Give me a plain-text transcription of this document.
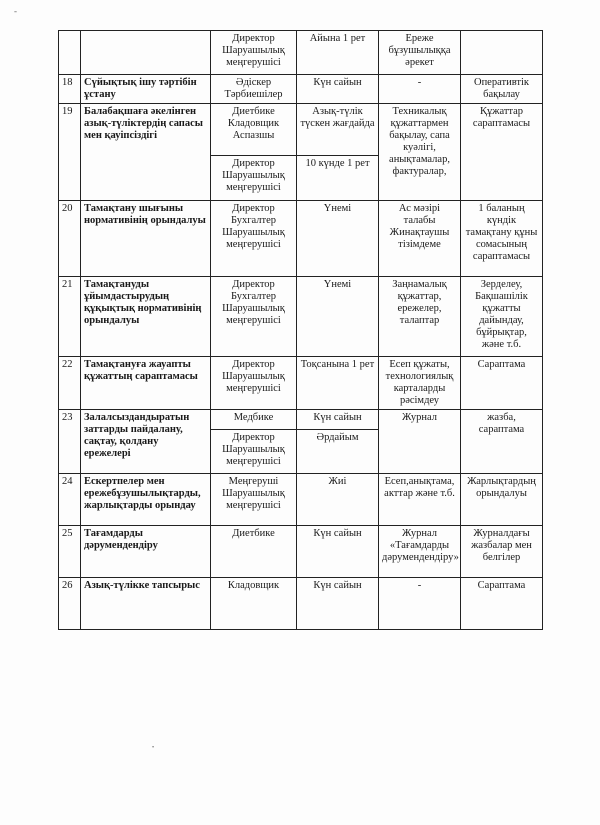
-
•
		Директор Шаруашылық меңгерушісі	Айына 1 рет	Ереже бұзушылыққа әрекет	
18	Сүйықтық ішу тәртібін ұстану	Әдіскер Тәрбиешілер	Күн сайын	-	Оперативтік бақылау
19	Балабақшаға әкелінген азық-түліктердің сапасы мен қауіпсіздігі	Диетбике Кладовщик Аспазшы	Азық-түлік түскен жағдайда	Техникалық құжаттармен бақылау, сапа куәлігі, анықтамалар, фактуралар,	Құжаттар сараптамасы
		Директор Шаруашылық меңгерушісі	10 күнде 1 рет		
20	Тамақтану шығыны нормативінің орындалуы	Директор Бухгалтер Шаруашылық меңгерушісі	Үнемі	Ас мәзірі талабы Жинақтаушы тізімдеме	1 баланың күндік тамақтану құны сомасының сараптамасы
21	Тамақтануды ұйымдастырудың құқықтық нормативінің орындалуы	Директор Бухгалтер Шаруашылық меңгерушісі	Үнемі	Заңнамалық құжаттар, ережелер, талаптар	Зерделеу, Бақшашілік құжатты дайындау, бұйрықтар, және т.б.
22	Тамақтануға жауапты құжаттың сараптамасы	Директор Шаруашылық меңгерушісі	Тоқсанына 1 рет	Есеп құжаты, технологиялық карталарды рәсімдеу	Сараптама
23	Залалсыздандыратын заттарды пайдалану, сақтау, қолдану ережелері	Медбике	Күн сайын	Журнал	жазба, сараптама
		Директор Шаруашылық меңгерушісі	Әрдайым		
24	Ескертпелер мен ережебұзушылықтарды, жарлықтарды орындау	Меңгеруші Шаруашылық меңгерушісі	Жиі	Есеп,анықтама, акттар және т.б.	Жарлықтардың орындалуы
25	Тағамдарды дәрумендендіру	Диетбике	Күн сайын	Журнал «Тағамдарды дәрумендендіру»	Журналдағы жазбалар мен белгілер
26	Азық-түлікке тапсырыс	Кладовщик	Күн сайын	-	Сараптама
